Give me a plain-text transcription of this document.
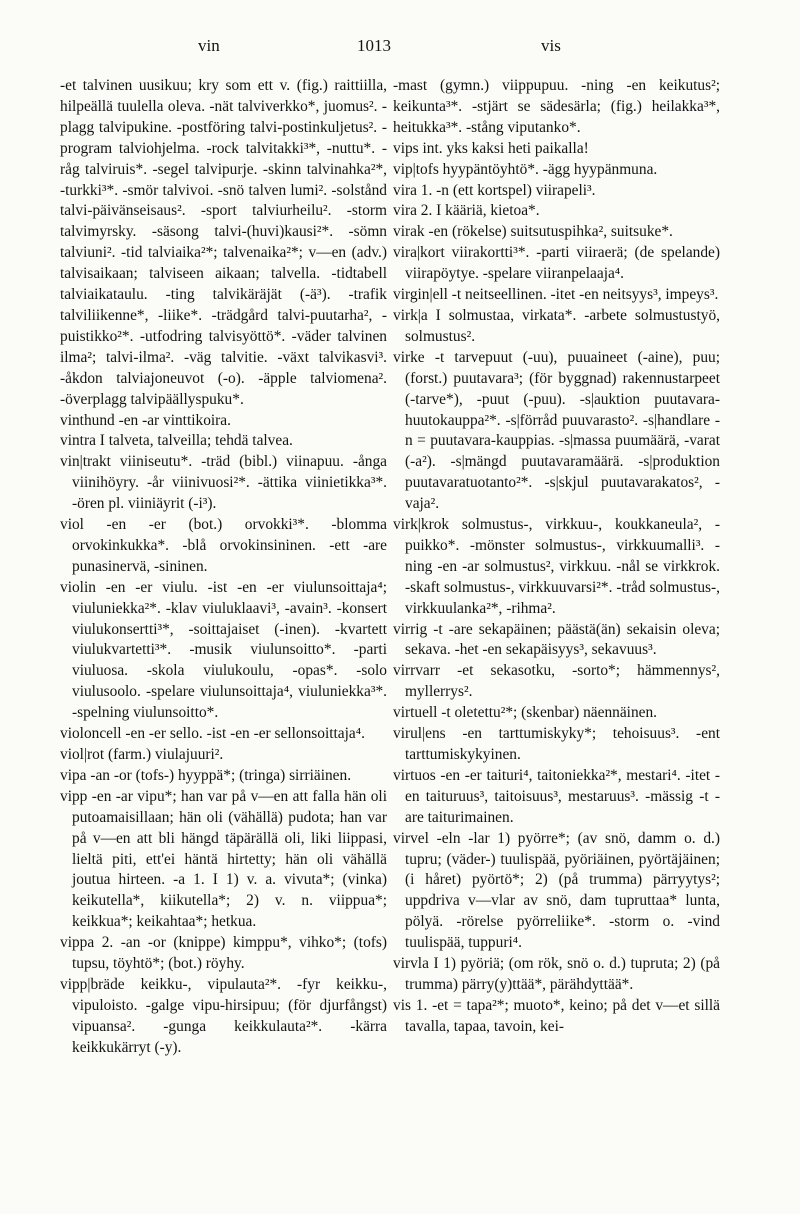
vin	1013	vis

-et talvinen uusikuu; kry som ett v. (fig.) raittiilla, hilpeällä tuulella oleva. -nät talviverkko*, juomus². -plagg talvipukine. -postföring talvi-postinkuljetus². -program talviohjelma. -rock talvitakki³*, -nuttu*. -råg talviruis*. -segel talvipurje. -skinn talvinahka²*, -turkki³*. -smör talvivoi. -snö talven lumi². -solstånd talvi-päivänseisaus². -sport talviurheilu². -storm talvimyrsky. -säsong talvi-(huvi)kausi²*. -sömn talviuni². -tid talviaika²*; talvenaika²*; v—en (adv.) talvisaikaan; talviseen aikaan; talvella. -tidtabell talviaikataulu. -ting talvikäräjät (-ä³). -trafik talviliikenne*, -liike*. -trädgård talvi-puutarha², -puistikko²*. -utfodring talvisyöttö*. -väder talvinen ilma²; talvi-ilma². -väg talvitie. -växt talvikasvi³. -åkdon talviajoneuvot (-o). -äpple talviomena². -överplagg talvipäällyspuku*.

vinthund -en -ar vinttikoira.

vintra I talveta, talveilla; tehdä talvea.

vin|trakt viiniseutu*. -träd (bibl.) viinapuu. -ånga viinihöyry. -år viinivuosi²*. -ättika viinietikka³*. -ören pl. viiniäyrit (-i³).

viol -en -er (bot.) orvokki³*. -blomma orvokinkukka*. -blå orvokinsininen. -ett -are punasinervä, -sininen.

violin -en -er viulu. -ist -en -er viulunsoittaja⁴; viuluniekka²*. -klav viuluklaavi³, -avain³. -konsert viulukonsertti³*, -soittajaiset (-inen). -kvartett viulukvartetti³*. -musik viulunsoitto*. -parti viuluosa. -skola viulukoulu, -opas*. -solo viulusoolo. -spelare viulunsoittaja⁴, viuluniekka³*. -spelning viulunsoitto*.

violoncell -en -er sello. -ist -en -er sellonsoittaja⁴.

viol|rot (farm.) viulajuuri².

vipa -an -or (tofs-) hyyppä*; (tringa) sirriäinen.

vipp -en -ar vipu*; han var på v—en att falla hän oli putoamaisillaan; hän oli (vähällä) pudota; han var på v—en att bli hängd täpärällä oli, liki liippasi, lieltä piti, ett'ei häntä hirtetty; hän oli vähällä joutua hirteen. -a 1. I 1) v. a. vivuta*; (vinka) keikutella*, kiikutella*; 2) v. n. viippua*; keikkua*; keikahtaa*; hetkua.

vippa 2. -an -or (knippe) kimppu*, vihko*; (tofs) tupsu, töyhtö*; (bot.) röyhy.

vipp|bräde keikku-, vipulauta²*. -fyr keikku-, vipuloisto. -galge vipu-hirsipuu; (för djurfångst) vipuansa². -gunga keikkulauta²*. -kärra keikkukärryt (-y).

-mast (gymn.) viippupuu. -ning -en keikutus²; keikunta³*. -stjärt se sädesärla; (fig.) heilakka³*, heitukka³*. -stång viputanko*.

vips int. yks kaksi heti paikalla!

vip|tofs hyypäntöyhtö*. -ägg hyypänmuna.

vira 1. -n (ett kortspel) viirapeli³.

vira 2. I kääriä, kietoa*.

virak -en (rökelse) suitsutuspihka², suitsuke*.

vira|kort viirakortti³*. -parti viiraerä; (de spelande) viirapöytye. -spelare viiranpelaaja⁴.

virgin|ell -t neitseellinen. -itet -en neitsyys³, impeys³.

virk|a I solmustaa, virkata*. -arbete solmustustyö, solmustus².

virke -t tarvepuut (-uu), puuaineet (-aine), puu; (forst.) puutavara³; (för byggnad) rakennustarpeet (-tarve*), -puut (-puu). -s|auktion puutavara-huutokauppa²*. -s|förråd puuvarasto². -s|handlare -n = puutavara-kauppias. -s|massa puumäärä, -varat (-a²). -s|mängd puutavaramäärä. -s|produktion puutavaratuotanto²*. -s|skjul puutavarakatos², -vaja².

virk|krok solmustus-, virkkuu-, koukkaneula², -puikko*. -mönster solmustus-, virkkuumalli³. -ning -en -ar solmustus², virkkuu. -nål se virkkrok. -skaft solmustus-, virkkuuvarsi²*. -tråd solmustus-, virkkuulanka²*, -rihma².

virrig -t -are sekapäinen; päästä(än) sekaisin oleva; sekava. -het -en sekapäisyys³, sekavuus³.

virrvarr -et sekasotku, -sorto*; hämmennys², myllerrys².

virtuell -t oletettu²*; (skenbar) näennäinen.

virul|ens -en tarttumiskyky*; tehoisuus³. -ent tarttumiskykyinen.

virtuos -en -er taituri⁴, taitoniekka²*, mestari⁴. -itet -en taituruus³, taitoisuus³, mestaruus³. -mässig -t -are taiturimainen.

virvel -eln -lar 1) pyörre*; (av snö, damm o. d.) tupru; (väder-) tuulispää, pyöriäinen, pyörtäjäinen; (i håret) pyörtö*; 2) (på trumma) pärryytys²; uppdriva v—vlar av snö, dam tupruttaa* lunta, pölyä. -rörelse pyörreliike*. -storm o. -vind tuulispää, tuppuri⁴.

virvla I 1) pyöriä; (om rök, snö o. d.) tupruta; 2) (på trumma) pärry(y)ttää*, pärähdyttää*.

vis 1. -et = tapa²*; muoto*, keino; på det v—et sillä tavalla, tapaa, tavoin, kei-
